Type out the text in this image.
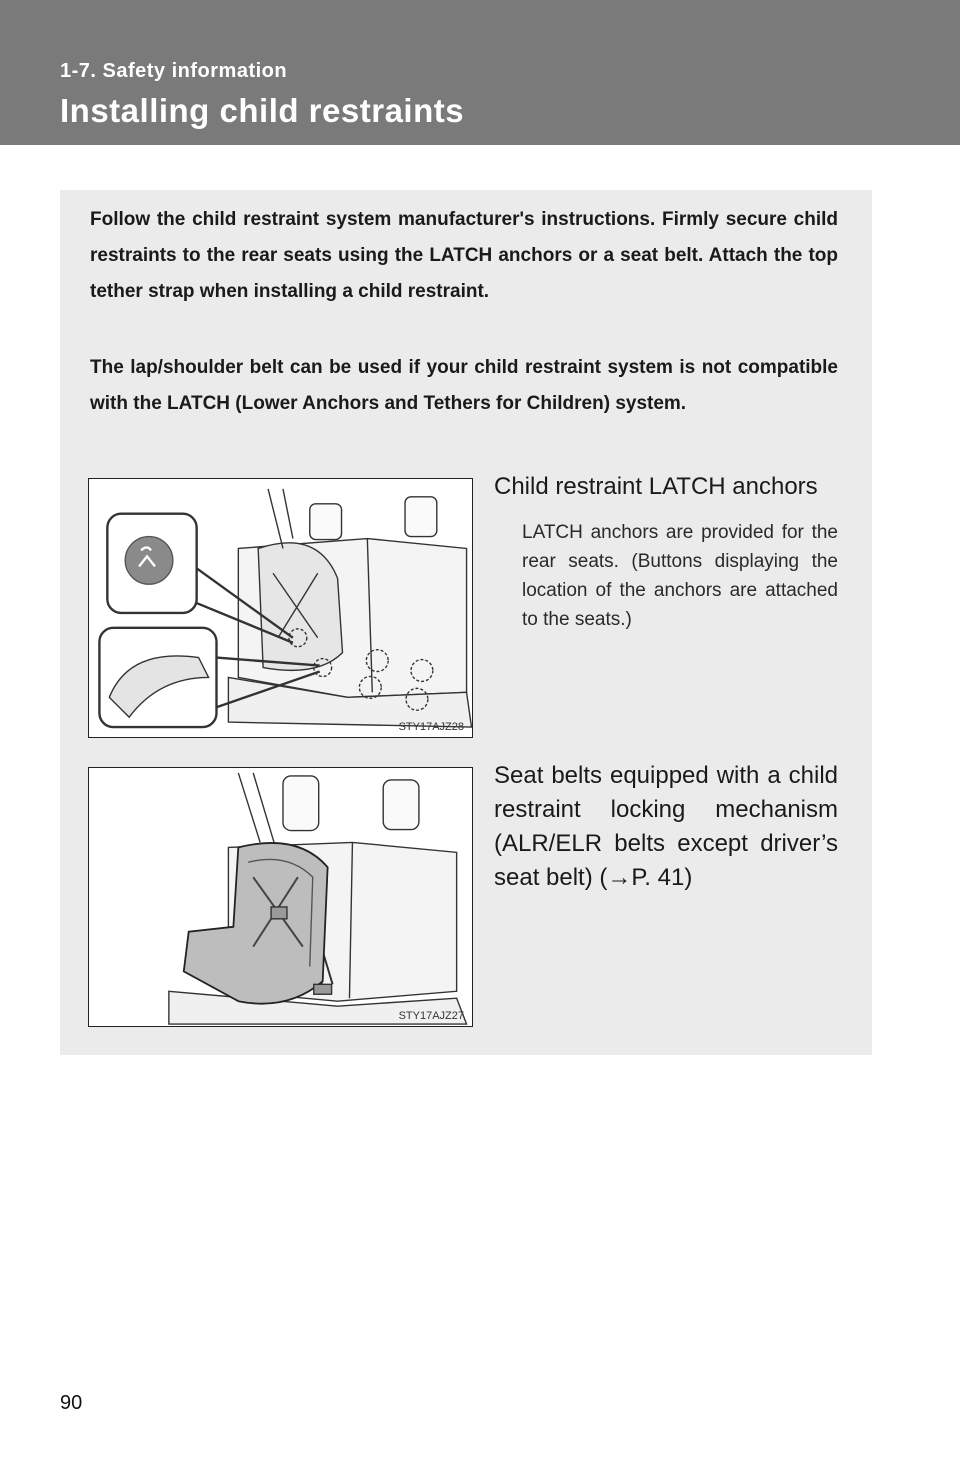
1-7. Safety information
Installing child restraints

Follow the child restraint system manufacturer's instructions. Firmly secure child restraints to the rear seats using the LATCH anchors or a seat belt. Attach the top tether strap when installing a child restraint.

The lap/shoulder belt can be used if your child restraint system is not compatible with the LATCH (Lower Anchors and Tethers for Children) system.

STY17AJZ28
Child restraint LATCH anchors

LATCH anchors are provided for the rear seats. (Buttons displaying the location of the anchors are attached to the seats.)

STY17AJZ27
Seat belts equipped with a child restraint locking mechanism (ALR/ELR belts except driver’s seat belt) (→P. 41)
90
